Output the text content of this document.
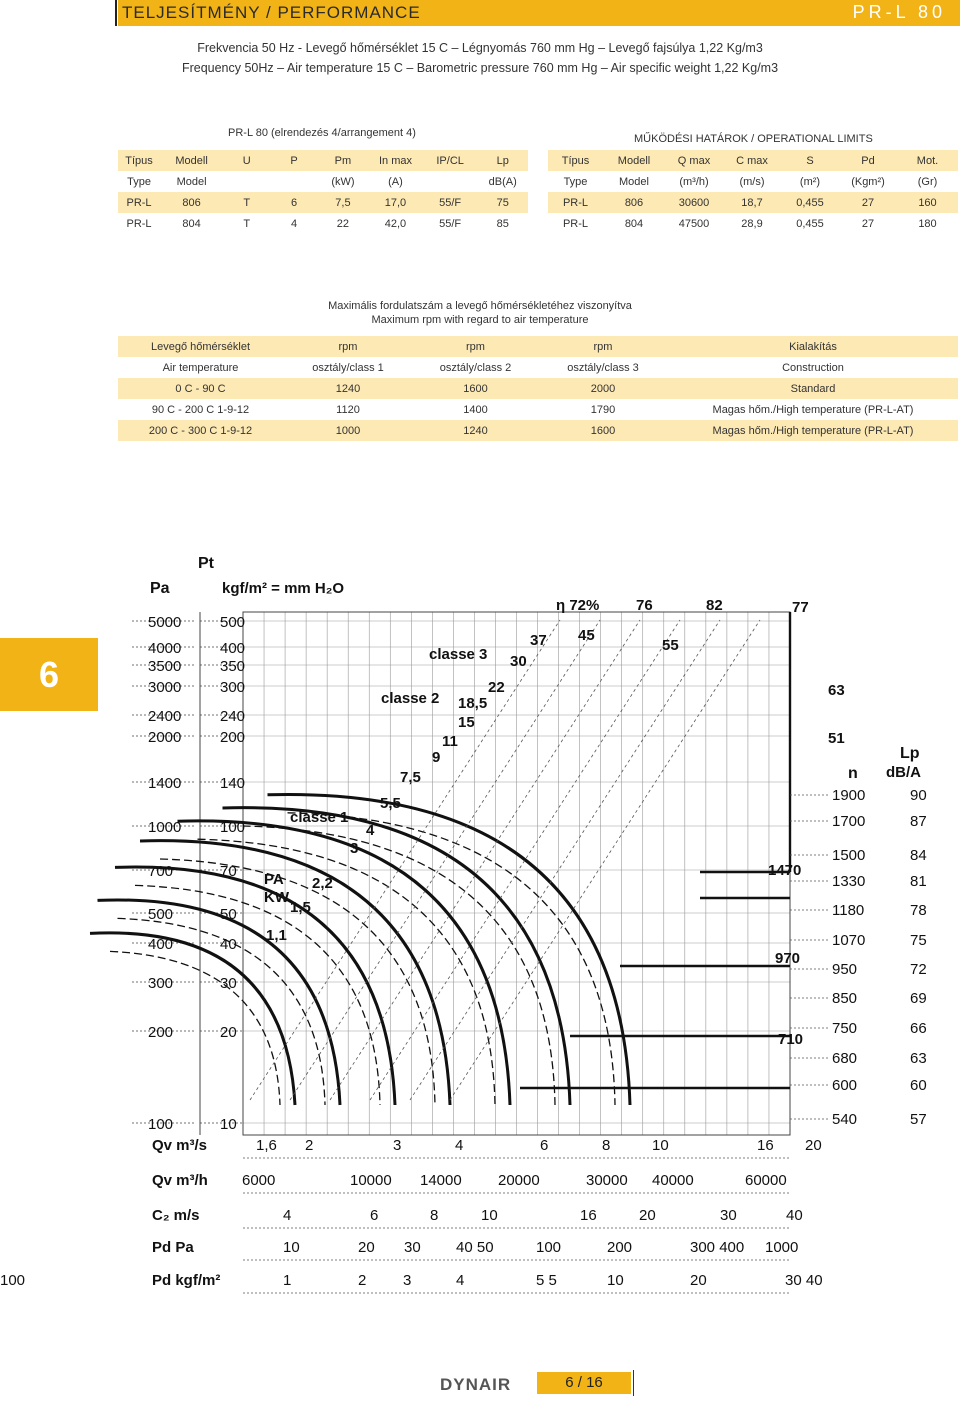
TELJESÍTMÉNY / PERFORMANCE	PR-L 80
Frekvencia 50 Hz - Levegő hőmérséklet 15 C – Légnyomás 760 mm Hg – Levegő fajsúlya 1,22 Kg/m3
Frequency 50Hz – Air temperature 15 C – Barometric pressure 760 mm Hg – Air specific weight 1,22 Kg/m3
PR-L 80 (elrendezés 4/arrangement 4)
Típus	Modell	U	P	Pm	In max	IP/CL	Lp
Type	Model			(kW)	(A)		dB(A)
PR-L	806	T	6	7,5	17,0	55/F	75
PR-L	804	T	4	22	42,0	55/F	85
MŰKÖDÉSI HATÁROK / OPERATIONAL LIMITS
Típus	Modell	Q max	C max	S	Pd	Mot.
Type	Model	(m³/h)	(m/s)	(m²)	(Kgm²)	(Gr)
PR-L	806	30600	18,7	0,455	27	160
PR-L	804	47500	28,9	0,455	27	180
Maximális fordulatszám a levegő hőmérsékletéhez viszonyítva
Maximum rpm with regard to air temperature
Levegő hőmérséklet	rpm	rpm	rpm	Kialakítás
Air temperature	osztály/class 1	osztály/class 2	osztály/class 3	Construction
0 C - 90 C	1240	1600	2000	Standard
90 C - 200 C 1-9-12	1120	1400	1790	Magas hőm./High temperature (PR-L-AT)
200 C - 300 C 1-9-12	1000	1240	1600	Magas hőm./High temperature (PR-L-AT)
6
Pt
Pa	kgf/m² = mm H₂O
5000
4000
3500
3000
2400
2000
1400
1000
700
500
400
300
200
100
500
400
350
300
240
200
140
100
70
50
40
30
20
10
η 72% 76	82	77
37 45
55
30
22
18,5
15
11
9
7,5
5,5
4
3
2,2
1,5
1,1
classe 3
classe 2
classe 1
PA
KW
63
51
1470
970
710
n
Lp
dB/A
1900	90
1700	87
1500	84
1330	81
1180	78
1070	75
950	72
850	69
750	66
680	63
600	60
540	57
Qv m³/s	1,6 2	3	4	6	8	10	16 20
Qv m³/h 6000	10000 14000 20000	30000 40000	60000
C₂ m/s	4	6	8	10	16	20	30	40
Pd Pa	10	20 30 40 50	100	200	300 400 1000
Pd kgf/m²	1	2 3	4	5 5	10	20	30 40
100
DYNAIR	6 / 16
